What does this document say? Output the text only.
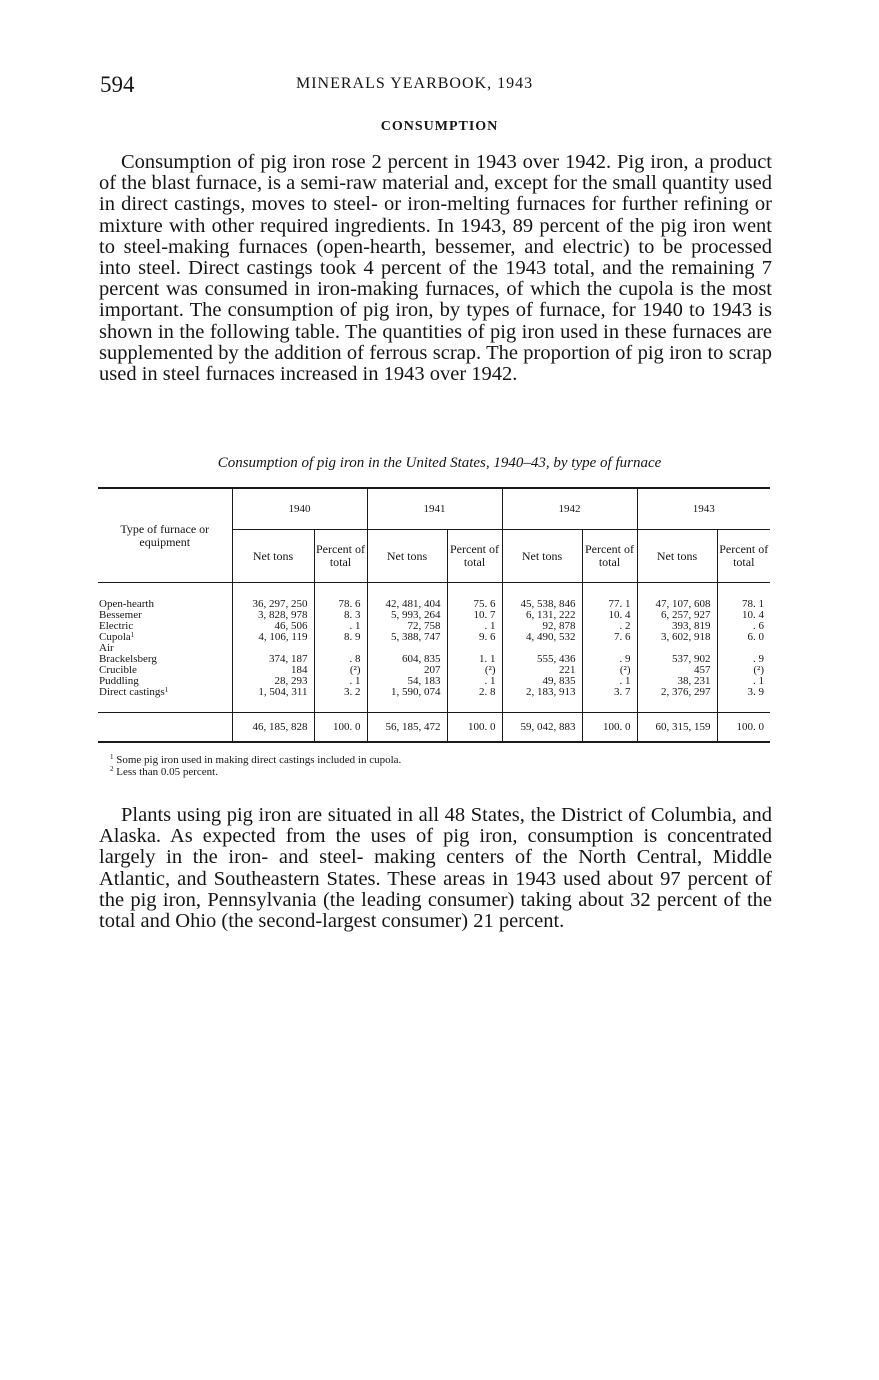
594	MINERALS YEARBOOK, 1943
CONSUMPTION

Consumption of pig iron rose 2 percent in 1943 over 1942. Pig iron, a product of the blast furnace, is a semi-raw material and, except for the small quantity used in direct castings, moves to steel- or iron-melting furnaces for further refining or mixture with other required ingredients. In 1943, 89 percent of the pig iron went to steel-making furnaces (open-hearth, bessemer, and electric) to be processed into steel. Direct castings took 4 percent of the 1943 total, and the remaining 7 percent was consumed in iron-making furnaces, of which the cupola is the most important. The consumption of pig iron, by types of furnace, for 1940 to 1943 is shown in the following table. The quantities of pig iron used in these furnaces are supplemented by the addition of ferrous scrap. The proportion of pig iron to scrap used in steel furnaces increased in 1943 over 1942.

Consumption of pig iron in the United States, 1940–43, by type of furnace
Type of furnace or equipment	1940		1941		1942		1943	
	Net tons	Percent of total	Net tons	Percent of total	Net tons	Percent of total	Net tons	Percent of total
Open-hearth	36, 297, 250	78. 6	42, 481, 404	75. 6	45, 538, 846	77. 1	47, 107, 608	78. 1
Bessemer	3, 828, 978	8. 3	5, 993, 264	10. 7	6, 131, 222	10. 4	6, 257, 927	10. 4
Electric	46, 506	. 1	72, 758	. 1	92, 878	. 2	393, 819	. 6
Cupola$^1$	4, 106, 119	8. 9	5, 388, 747	9. 6	4, 490, 532	7. 6	3, 602, 918	6. 0
Air								
Brackelsberg	374, 187	. 8	604, 835	1. 1	555, 436	. 9	537, 902	. 9
Crucible	184	(²)	207	(²)	221	(²)	457	(²)
Puddling	28, 293	. 1	54, 183	. 1	49, 835	. 1	38, 231	. 1
Direct castings$^1$	1, 504, 311	3. 2	1, 590, 074	2. 8	2, 183, 913	3. 7	2, 376, 297	3. 9
	46, 185, 828	100. 0	56, 185, 472	100. 0	59, 042, 883	100. 0	60, 315, 159	100. 0
$^1$ Some pig iron used in making direct castings included in cupola.
$^2$ Less than 0.05 percent.

Plants using pig iron are situated in all 48 States, the District of Columbia, and Alaska. As expected from the uses of pig iron, consumption is concentrated largely in the iron- and steel- making centers of the North Central, Middle Atlantic, and Southeastern States. These areas in 1943 used about 97 percent of the pig iron, Pennsylvania (the leading consumer) taking about 32 percent of the total and Ohio (the second-largest consumer) 21 percent.
